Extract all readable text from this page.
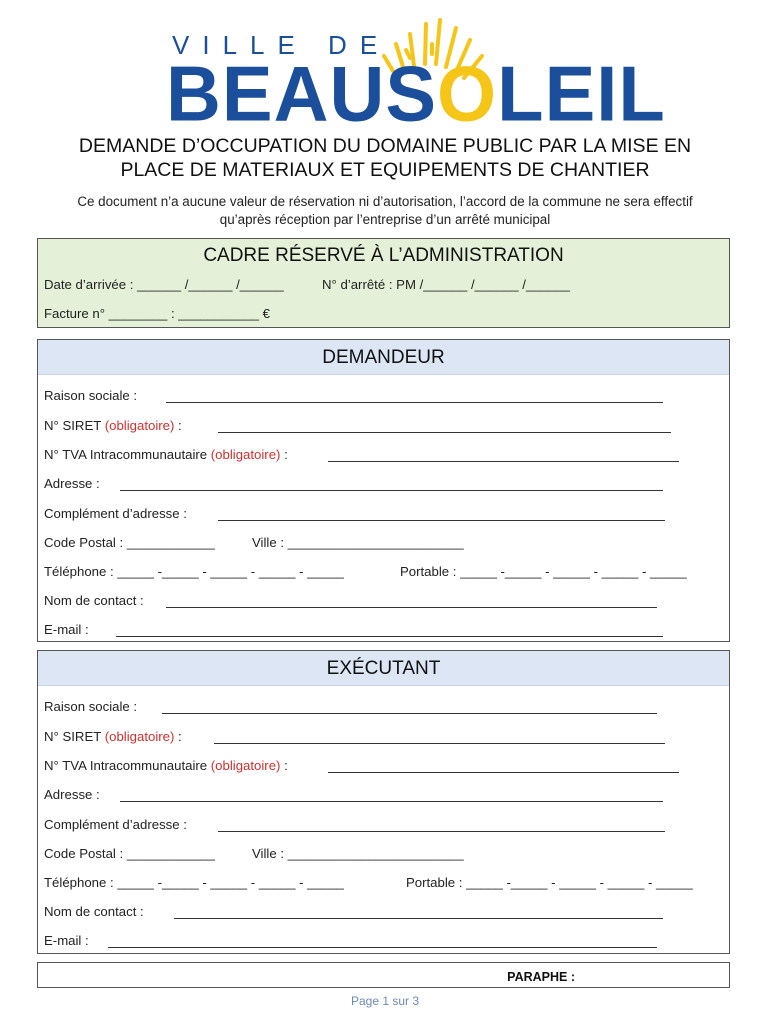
VILLE DE
BEAUSOLEIL
DEMANDE D’OCCUPATION DU DOMAINE PUBLIC PAR LA MISE EN
PLACE DE MATERIAUX ET EQUIPEMENTS DE CHANTIER
Ce document n’a aucune valeur de réservation ni d’autorisation, l’accord de la commune ne sera effectif
qu’après réception par l’entreprise d’un arrêté municipal
CADRE RÉSERVÉ À L’ADMINISTRATION
Date d’arrivée : ______ /______ /______	N° d’arrêté : PM /______ /______ /______
Facture n° ________ : ___________ €
DEMANDEUR
Raison sociale :
N° SIRET (obligatoire) :
N° TVA Intracommunautaire (obligatoire) :
Adresse :
Complément d’adresse :
Code Postal : ____________	Ville : ________________________
Téléphone : _____ -_____ - _____ - _____ - _____	Portable : _____ -_____ - _____ - _____ - _____
Nom de contact :
E-mail :
EXÉCUTANT
Raison sociale :
N° SIRET (obligatoire) :
N° TVA Intracommunautaire (obligatoire) :
Adresse :
Complément d’adresse :
Code Postal : ____________	Ville : ________________________
Téléphone : _____ -_____ - _____ - _____ - _____	Portable : _____ -_____ - _____ - _____ - _____
Nom de contact :
E-mail :
PARAPHE :
Page 1 sur 3
